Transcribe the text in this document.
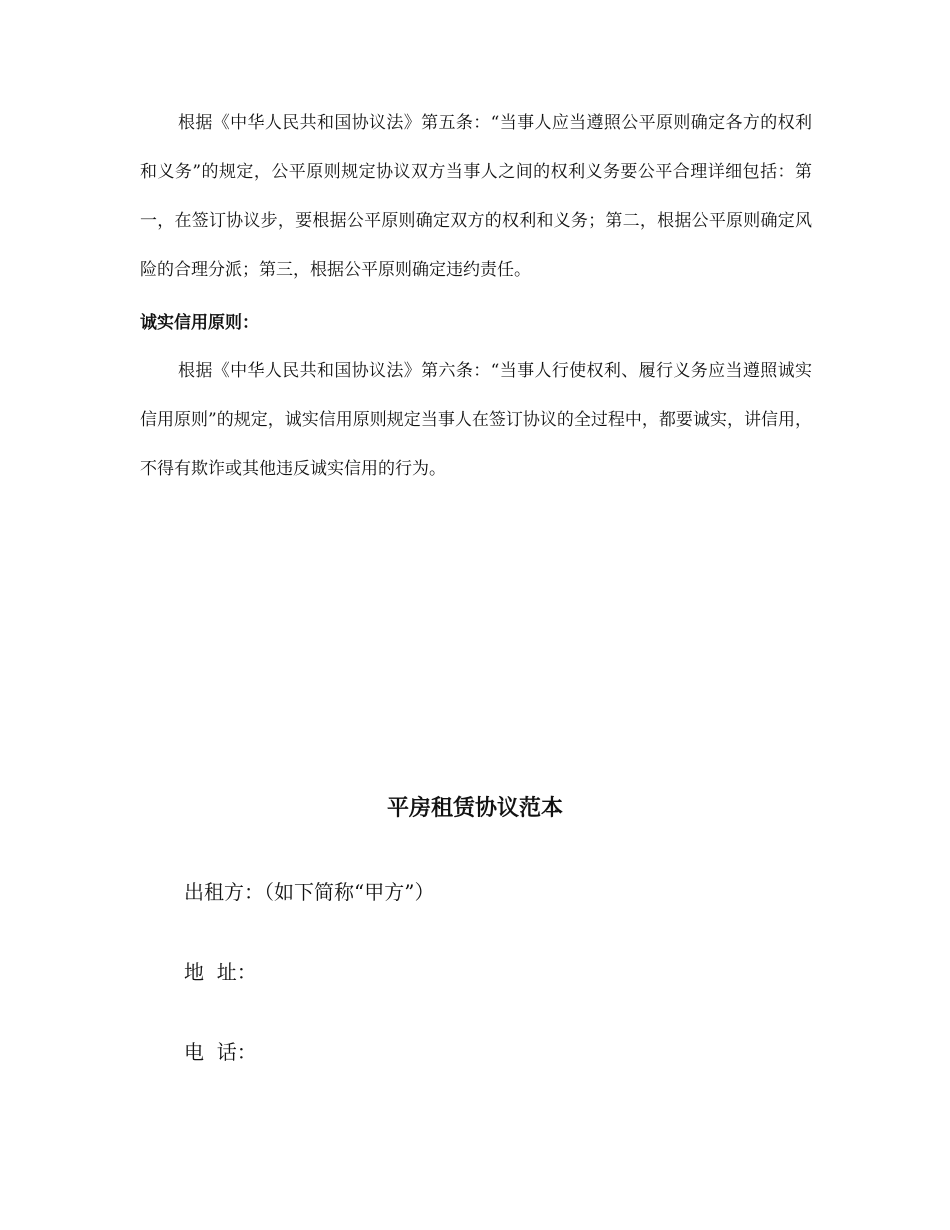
根据《中华人民共和国协议法》第五条：“当事人应当遵照公平原则确定各方的权利和义务”的规定，公平原则规定协议双方当事人之间的权利义务要公平合理详细包括：第一，在签订协议步，要根据公平原则确定双方的权利和义务；第二，根据公平原则确定风险的合理分派；第三，根据公平原则确定违约责任。

诚实信用原则：

根据《中华人民共和国协议法》第六条：“当事人行使权利、履行义务应当遵照诚实信用原则”的规定，诚实信用原则规定当事人在签订协议的全过程中，都要诚实，讲信用，不得有欺诈或其他违反诚实信用的行为。

平房租赁协议范本

出租方：（如下简称“甲方”）

地  址：

电  话：
